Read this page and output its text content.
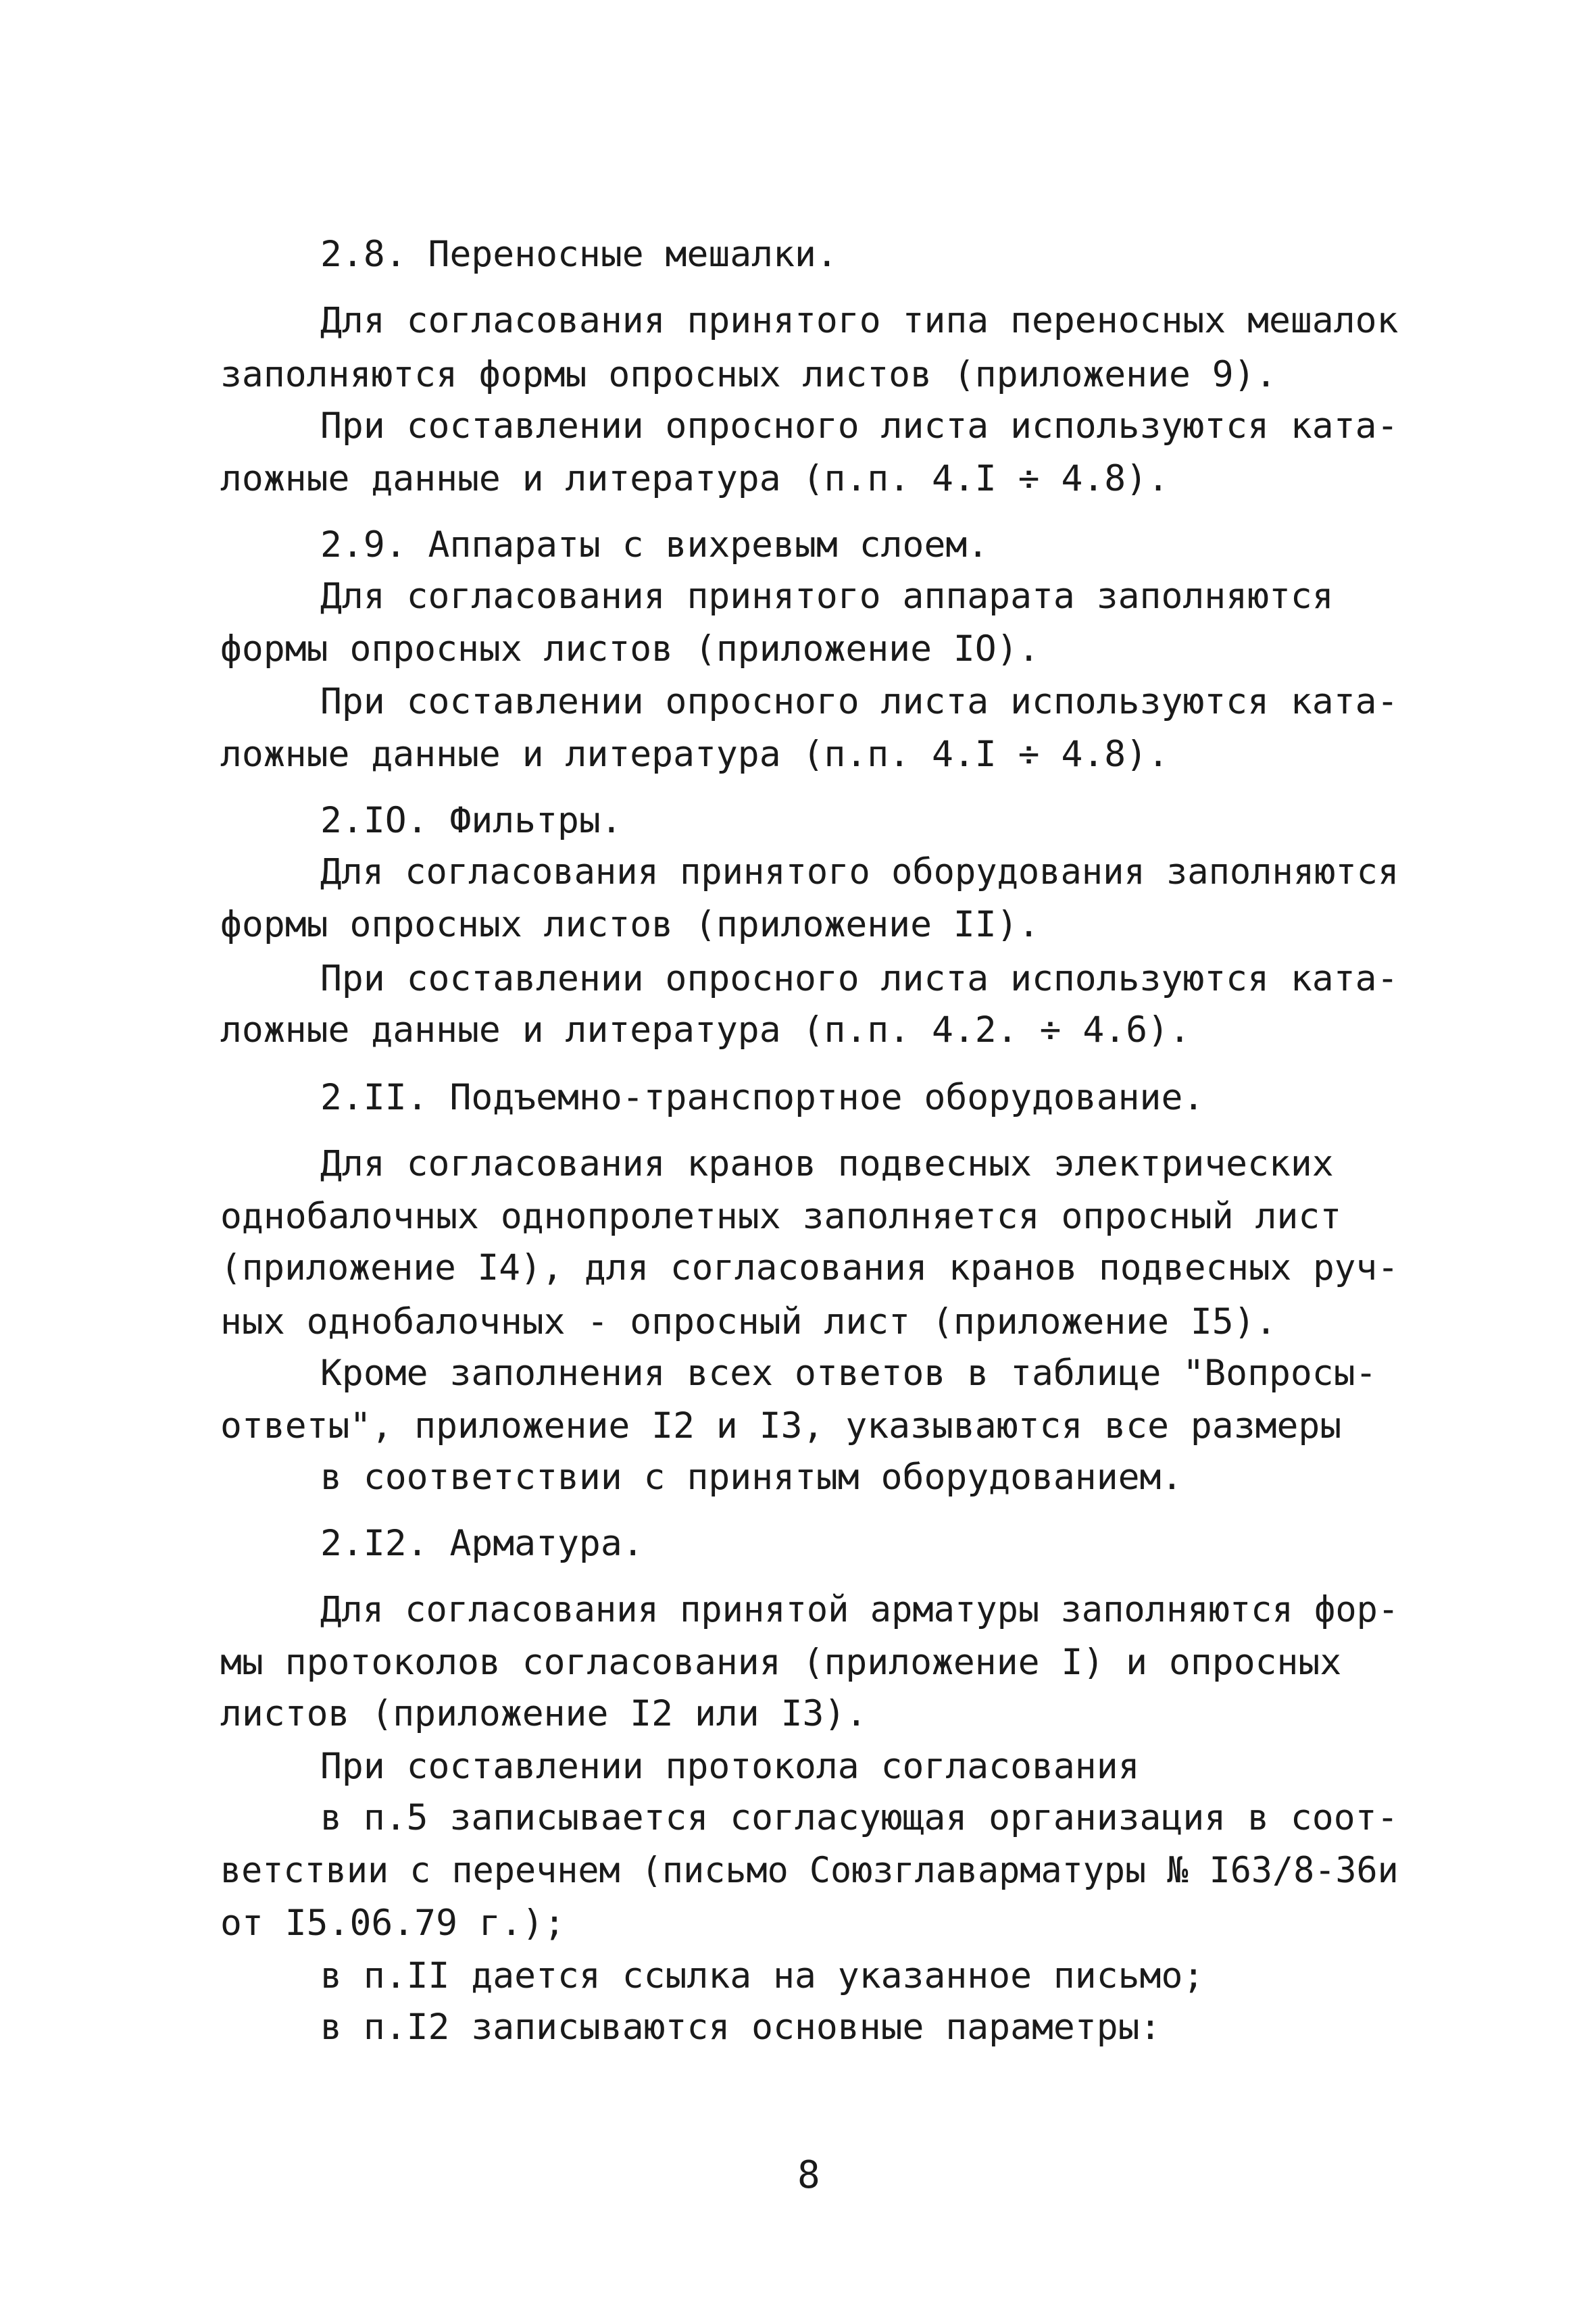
2.8. Переносные мешалки.
Для согласования принятого типа переносных мешалок
заполняются формы опросных листов (приложение 9).
При составлении опросного листа используются ката-
ложные данные и литература (п.п. 4.I ÷ 4.8).
2.9. Аппараты с вихревым слоем.
Для согласования принятого аппарата заполняются
формы опросных листов (приложение IO).
При составлении опросного листа используются ката-
ложные данные и литература (п.п. 4.I ÷ 4.8).
2.IO. Фильтры.
Для согласования принятого оборудования заполняются
формы опросных листов (приложение II).
При составлении опросного листа используются ката-
ложные данные и литература (п.п. 4.2. ÷ 4.6).
2.II. Подъемно-транспортное оборудование.
Для согласования кранов подвесных электрических
однобалочных однопролетных заполняется опросный лист
(приложение I4), для согласования кранов подвесных руч-
ных однобалочных - опросный лист (приложение I5).
Кроме заполнения всех ответов в таблице "Вопросы-
ответы", приложение I2 и I3, указываются все размеры
в соответствии с принятым оборудованием.
2.I2. Арматура.
Для согласования принятой арматуры заполняются фор-
мы протоколов согласования (приложение I) и опросных
листов (приложение I2 или I3).
При составлении протокола согласования
в п.5 записывается согласующая организация в соот-
ветствии с перечнем (письмо Союзглаварматуры № I63/8-36и
от I5.06.79 г.);
в п.II дается ссылка на указанное письмо;
в п.I2 записываются основные параметры:
8
